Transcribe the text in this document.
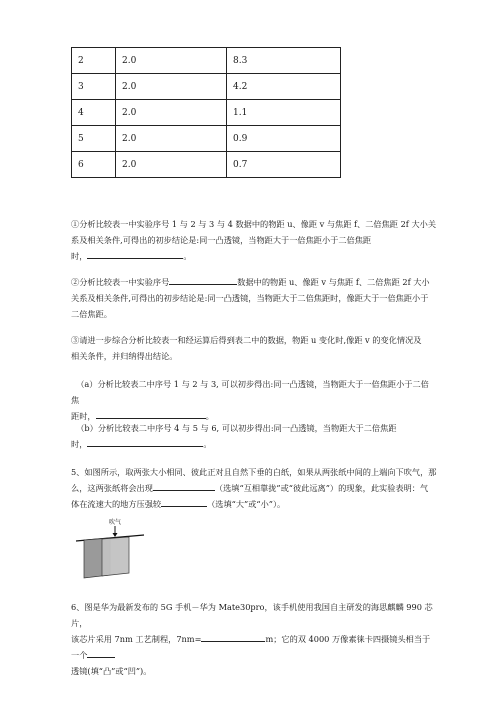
2	2.0	8.3
3	2.0	4.2
4	2.0	1.1
5	2.0	0.9
6	2.0	0.7

①分析比较表一中实验序号 1 与 2 与 3 与 4 数据中的物距 u、像距 v 与焦距 f、二倍焦距 2f 大小关
系及相关条件,可得出的初步结论是:同一凸透镜，当物距大于一倍焦距小于二倍焦距
时，	。

②分析比较表一中实验序号	数据中的物距 u、像距 v 与焦距 f、二倍焦距 2f 大小
关系及相关条件,可得出的初步结论是:同一凸透镜，当物距大于二倍焦距时，像距大于一倍焦距小于
二倍焦距。

③请进一步综合分析比较表一和经运算后得到表二中的数据，物距 u 变化时,像距 v 的变化情况及
相关条件，并归纳得出结论。

（a）分析比较表二中序号 1 与 2 与 3, 可以初步得出:同一凸透镜，当物距大于一倍焦距小于二倍焦
距时，	。

（b）分析比较表二中序号 4 与 5 与 6, 可以初步得出:同一凸透镜，当物距大于二倍焦距
时，	。

5、如图所示，取两张大小相同、彼此正对且自然下垂的白纸，如果从两张纸中间的上端向下吹气，那
么，这两张纸将会出现	（选填“互相靠拢”或“彼此远离”）的现象，此实验表明：气
体在流速大的地方压强较	（选填“大”或“小”）。

吹气

6、图是华为最新发布的 5G 手机－华为 Mate30pro，该手机使用我国自主研发的海思麒麟 990 芯片，
该芯片采用 7nm 工艺制程，7nm=	m；它的双 4000 万像素徕卡四摄镜头相当于一个
透镜(填“凸”或“凹”)。
